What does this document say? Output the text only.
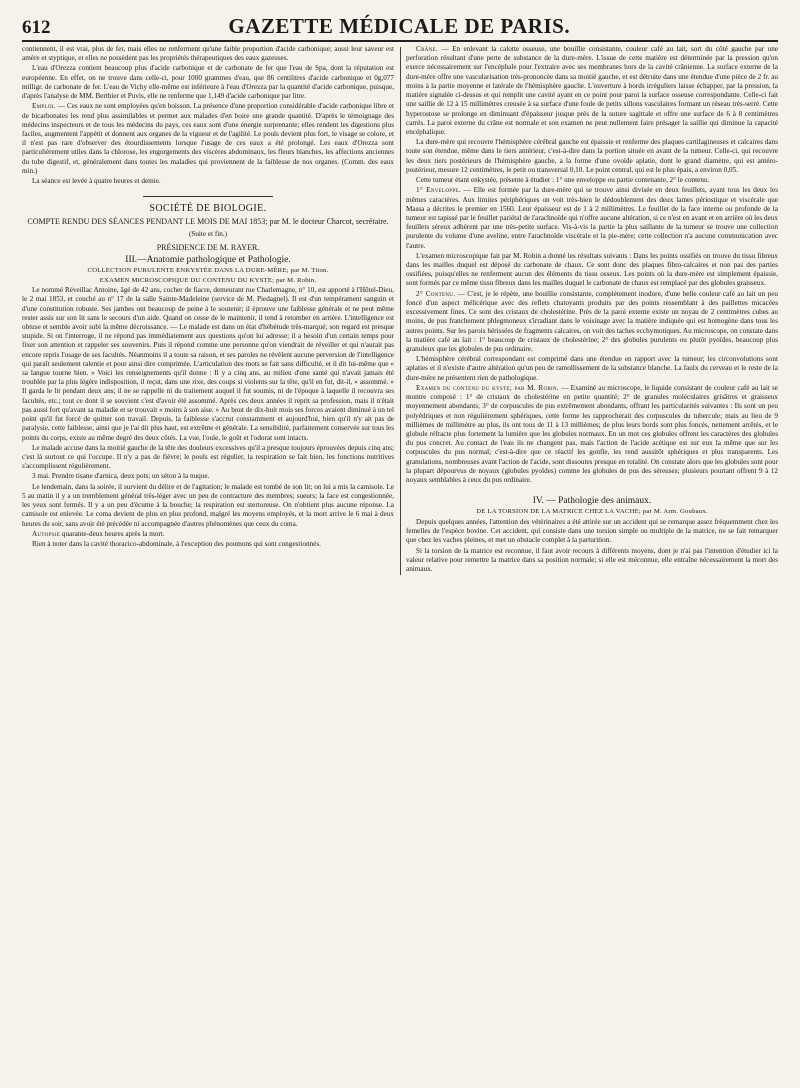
612	GAZETTE MÉDICALE DE PARIS.

contiennent, il est vrai, plus de fer, mais elles ne renferment qu'une faible proportion d'acide carbonique; aussi leur saveur est amère et styptique, et elles ne possèdent pas les propriétés thérapeutiques des eaux gazeuses.

L'eau d'Orezza contient beaucoup plus d'acide carbonique et de carbonate de fer que l'eau de Spa, dont la réputation est européenne. En effet, on ne trouve dans celle-ci, pour 1000 grammes d'eau, que 86 centilitres d'acide carbonique et 0g,077 milligr. de carbonate de fer. L'eau de Vichy elle-même est inférieure à l'eau d'Orezza par la quantité d'acide carbonique, puisque, d'après l'analyse de MM. Berthier et Puvis, elle ne renferme que 1,149 d'acide carbonique par litre.

Emploi. — Ces eaux ne sont employées qu'en boisson. La présence d'une proportion considérable d'acide carbonique libre et de bicarbonates les rend plus assimilables et permet aux malades d'en boire une grande quantité. D'après le témoignage des médecins inspecteurs et de tous les médecins du pays, ces eaux sont d'une énergie surprenante; elles rendent les digestions plus faciles, augmentent l'appétit et donnent aux organes de la vigueur et de l'agilité. Le pouls devient plus fort, le visage se colore, et il n'est pas rare d'observer des étourdissements lorsque l'usage de ces eaux a été prolongé. Les eaux d'Orezza sont particulièrement utiles dans la chlorose, les engorgements des viscères abdominaux, les fleurs blanches, les affections anciennes du tube digestif, et, généralement dans toutes les maladies qui proviennent de la faiblesse de nos organes. (Comm. des eaux min.)

La séance est levée à quatre heures et demie.

SOCIÉTÉ DE BIOLOGIE.

COMPTE RENDU DES SÉANCES PENDANT LE MOIS DE MAI 1853; par M. le docteur Charcot, secrétaire.

(Suite et fin.)

PRÉSIDENCE DE M. RAYER.

III.—Anatomie pathologique et Pathologie.

COLLECTION PURULENTE ENKYSTÉE DANS LA DURE-MÈRE; par M. Titon.

EXAMEN MICROSCOPIQUE DU CONTENU DU KYSTE; par M. Robin.

Le nommé Réveillac Antoine, âgé de 42 ans, cocher de fiacre, demeurant rue Charlemagne, n° 10, est apporté à l'Hôtel-Dieu, le 2 mai 1853, et couché au n° 17 de la salle Sainte-Madeleine (service de M. Piedagnel). Il est d'un tempérament sanguin et d'une constitution robuste. Ses jambes ont beaucoup de peine à le soutenir; il éprouve une faiblesse générale et ne peut même rester assis sur son lit sans le secours d'un aide. Quand on cesse de le maintenir, il tend à retomber en arrière. L'intelligence est obtuse et semble avoir subi la même décroissance. — Le malade est dans un état d'hébétude très-marqué; son regard est presque stupide. Si on l'interroge, il ne répond pas immédiatement aux questions qu'on lui adresse; il a besoin d'un certain temps pour fixer son attention et rappeler ses souvenirs. Puis il répond comme une personne qu'on viendrait de réveiller et qui n'aurait pas encore repris l'usage de ses facultés. Néanmoins il a toute sa raison, et ses paroles ne révèlent aucune perversion de l'intelligence qui paraît seulement ralentie et pour ainsi dire comprimée. L'articulation des mots se fait sans difficulté, et il dit lui-même que « sa langue tourne bien. » Voici les renseignements qu'il donne : Il y a cinq ans, au milieu d'une santé qui n'avait jamais été troublée par la plus légère indisposition, il reçut, dans une rixe, des coups si violents sur la tête, qu'il en fut, dit-il, « assommé. » Il garda le lit pendant deux ans; il ne se rappelle ni du traitement auquel il fut soumis, ni de l'époque à laquelle il recouvra ses facultés, etc.; tout ce dont il se souvient c'est d'avoir été assommé. Après ces deux années il reprit sa profession, mais il n'était pas aussi fort qu'avant sa maladie et se trouvait « moins à son aise. » Au bout de dix-huit mois ses forces avaient diminué à un tel point qu'il fut forcé de quitter son travail. Depuis, la faiblesse s'accrut constamment et aujourd'hui, bien qu'il n'y ait pas de paralysie, cette faiblesse, ainsi que je l'ai dit plus haut, est extrême et générale. La sensibilité, parfaitement conservée sur tous les points du corps, existe au même degré des deux côtés. La vue, l'ouïe, le goût et l'odorat sont intacts.

Le malade accuse dans la moitié gauche de la tête des douleurs excessives qu'il a presque toujours éprouvées depuis cinq ans; c'est là surtout ce qui l'occupe. Il n'y a pas de fièvre; le pouls est régulier, la respiration se fait bien, les fonctions nutritives s'accomplissent régulièrement.

3 mai. Prendre tisane d'arnica, deux pots; un séton à la nuque.

Le lendemain, dans la soirée, il survient du délire et de l'agitation; le malade est tombé de son lit; on lui a mis la camisole. Le 5 au matin il y a un tremblement général très-léger avec un peu de contracture des membres; sueurs; la face est congestionnée, les yeux sont fermés. Il y a un peu d'écume à la bouche; la respiration est stertoreuse. On n'obtient plus aucune réponse. La camisole est enlevée. Le coma devient de plus en plus profond, malgré les moyens employés, et la mort arrive le 6 mai à deux heures du soir, sans avoir été précédée ni accompagnée d'autres phénomènes que ceux du coma.

Autopsie quarante-deux heures après la mort.

Rien à noter dans la cavité thoracico-abdominale, à l'exception des poumons qui sont congestionnés.

Crâne. — En enlevant la calotte osseuse, une bouillie consistante, couleur café au lait, sort du côté gauche par une perforation résultant d'une perte de substance de la dure-mère. L'issue de cette matière est déterminée par la pression qu'on exerce nécessairement sur l'encéphale pour l'extraire avec ses membranes hors de la cavité crânienne. La surface externe de la dure-mère offre une vascularisation très-prononcée dans sa moitié gauche, et est détruite dans une étendue d'une pièce de 2 fr. au moins à la partie moyenne et latérale de l'hémisphère gauche. L'ouverture à bords irréguliers laisse échapper, par la pression, la matière signalée ci-dessus et qui remplit une cavité ayant en ce point pour paroi la surface osseuse correspondante. Celle-ci fait une saillie de 12 à 15 millimètres creusée à sa surface d'une foule de petits sillons vasculaires formant un réseau très-serré. Cette hyperostose se prolonge en diminuant d'épaisseur jusque près de la suture sagittale et offre une surface de 6 à 8 centimètres carrés. La paroi externe du crâne est normale et son examen ne peut nullement faire présager la saillie qui diminue la capacité encéphalique.

La dure-mère qui recouvre l'hémisphère cérébral gauche est épaissie et renferme des plaques cartilagineuses et calcaires dans toute son étendue, même dans le tiers antérieur, c'est-à-dire dans la portion située en avant de la tumeur. Celle-ci, qui recouvre les deux tiers postérieurs de l'hémisphère gauche, a la forme d'une ovoïde aplatie, dont le grand diamètre, qui est antéro-postérieur, mesure 12 centimètres, le petit ou transversal 0,10. Le point central, qui est le plus épais, a environ 0,05.

Cette tumeur étant enkystée, présente à étudier : 1° une enveloppe ou partie contenante, 2° le contenu.

1° Enveloppe. — Elle est formée par la dure-mère qui se trouve ainsi divisée en deux feuillets, ayant tous les deux les mêmes caractères. Aux limites périphériques on voit très-bien le dédoublement des deux lames périostique et viscérale que Massa a décrites le premier en 1560. Leur épaisseur est de 1 à 2 millimètres. Le feuillet de la face interne ou profonde de la tumeur est tapissé par le feuillet pariétal de l'arachnoïde qui n'offre aucune altération, si ce n'est en avant et en arrière où les deux feuillets séreux adhèrent par une très-petite surface. Vis-à-vis la partie la plus saillante de la tumeur se trouve une collection purulente du volume d'une aveline, entre l'arachnoïde viscérale et la pie-mère; cette collection n'a aucune communication avec l'autre.

L'examen microscopique fait par M. Robin a donné les résultats suivants : Dans les points ossifiés on trouve du tissu fibreux dans les mailles duquel est déposé du carbonate de chaux. Ce sont donc des plaques fibro-calcaires et non pas des parties ossifiées, puisqu'elles ne renferment aucun des éléments du tissu osseux. Les points où la dure-mère est simplement épaissie, sont formés par ce même tissu fibreux dans les mailles duquel le carbonate de chaux est remplacé par des globules graisseux.

2° Contenu. — C'est, je le répète, une bouillie consistante, complétement inodore, d'une belle couleur café au lait un peu foncé d'un aspect mélicérique avec des reflets chatoyants produits par des points ressemblant à des paillettes micacées excessivement fines. Ce sont des cristaux de cholestérine. Près de la paroi externe existe un noyau de 2 centimètres cubes au moins, de pus franchement phlegmoneux s'irradiant dans le voisinage avec la matière indiquée qui est homogène dans tous les autres points. Sur les parois hérissées de fragments calcaires, on voit des taches ecchymotiques. Au microscope, on constate dans la matière café au lait : 1° beaucoup de cristaux de cholestérine; 2° des globules purulents ou plutôt pyoïdes, beaucoup plus granuleux que les globules de pus ordinaire.

L'hémisphère cérébral correspondant est comprimé dans une étendue en rapport avec la tumeur; les circonvolutions sont aplaties et il n'existe d'autre altération qu'un peu de ramollissement de la substance blanche. La faulx du cerveau et le reste de la dure-mère ne présentent rien de pathologique.

Examen du contenu du kyste; par M. Robin. — Examiné au microscope, le liquide consistant de couleur café au lait se montre composé : 1° de cristaux de cholestérine en petite quantité; 2° de granules moléculaires grisâtres et graisseux moyennement abondants; 3° de corpuscules de pus extrêmement abondants, offrant les particularités suivantes : Ils sont un peu polyédriques et non régulièrement sphériques, cette forme les rapprocherait des corpuscules du tubercule; mais au lieu de 9 millièmes de millimètre au plus, ils ont tous de 11 à 13 millièmes; de plus leurs bords sont plus foncés, nettement arrêtés, et le globule réfracte plus fortement la lumière que les globules normaux. En un mot ces globules offrent les caractères des globules du pus concret. Au contact de l'eau ils ne changent pas, mais l'action de l'acide acétique est sur eux la même que sur les corpuscules du pus normal; c'est-à-dire que ce réactif les gonfle, les rend aussitôt sphériques et plus transparents. Les granulations, nombreuses avant l'action de l'acide, sont dissoutes presque en totalité. On constate alors que les globules sont pour la plupart dépourvus de noyaux (globules pyoïdes) comme les globules de pus des séreuses; plusieurs pourtant offrent 9 à 12 noyaux semblables à ceux du pus ordinaire.

IV. — Pathologie des animaux.

DE LA TORSION DE LA MATRICE CHEZ LA VACHE; par M. Arm. Goubaux.

Depuis quelques années, l'attention des vétérinaires a été attirée sur un accident qui se remarque assez fréquemment chez les femelles de l'espèce bovine. Cet accident, qui consiste dans une torsion simple ou multiple de la matrice, ne se fait remarquer que chez les vaches pleines, et met un obstacle complet à la parturition.

Si la torsion de la matrice est reconnue, il faut avoir recours à différents moyens, dont je n'ai pas l'intention d'étudier ici la valeur relative pour remettre la matrice dans sa position normale; si elle est méconnue, elle entraîne nécessairement la mort des animaux.
